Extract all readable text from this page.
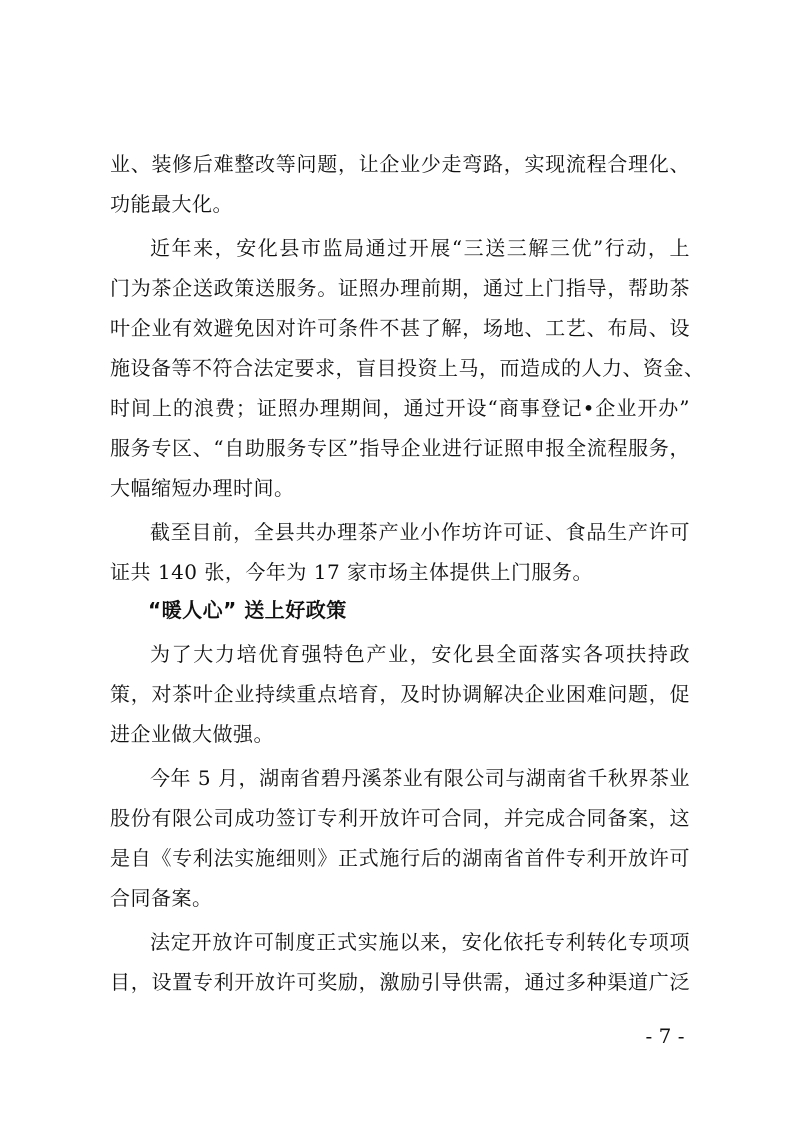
业、装修后难整改等问题，让企业少走弯路，实现流程合理化、
功能最大化。
近年来，安化县市监局通过开展“三送三解三优”行动，上
门为茶企送政策送服务。证照办理前期，通过上门指导，帮助茶
叶企业有效避免因对许可条件不甚了解，场地、工艺、布局、设
施设备等不符合法定要求，盲目投资上马，而造成的人力、资金、
时间上的浪费；证照办理期间，通过开设“商事登记•企业开办”
服务专区、“自助服务专区”指导企业进行证照申报全流程服务，
大幅缩短办理时间。
截至目前，全县共办理茶产业小作坊许可证、食品生产许可
证共 140 张，今年为 17 家市场主体提供上门服务。
“暖人心” 送上好政策
为了大力培优育强特色产业，安化县全面落实各项扶持政
策，对茶叶企业持续重点培育，及时协调解决企业困难问题，促
进企业做大做强。
今年 5 月，湖南省碧丹溪茶业有限公司与湖南省千秋界茶业
股份有限公司成功签订专利开放许可合同，并完成合同备案，这
是自《专利法实施细则》正式施行后的湖南省首件专利开放许可
合同备案。
法定开放许可制度正式实施以来，安化依托专利转化专项项
目，设置专利开放许可奖励，激励引导供需，通过多种渠道广泛
- 7 -
